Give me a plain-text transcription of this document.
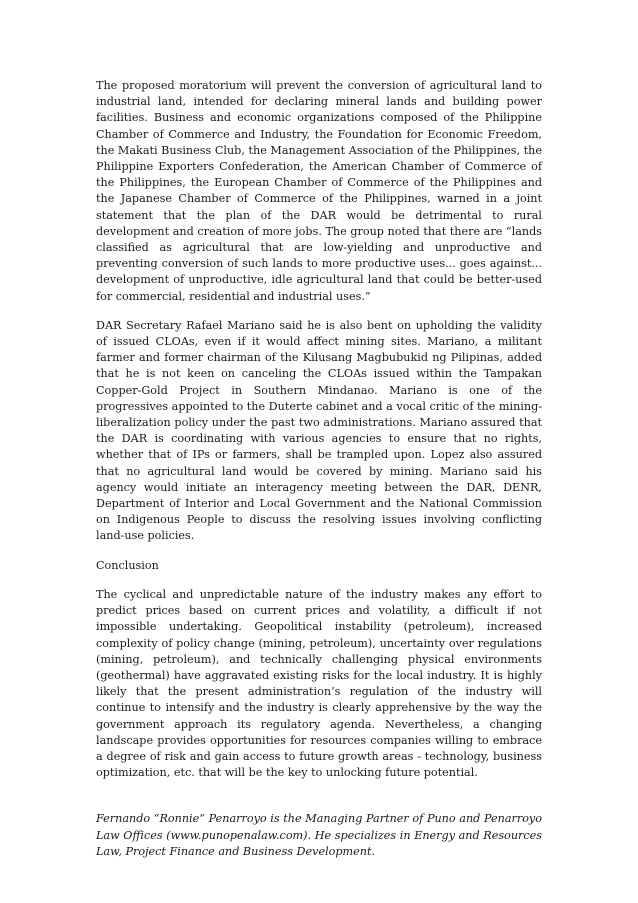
The proposed moratorium will prevent the conversion of agricultural land to industrial land, intended for declaring mineral lands and building power facilities. Business and economic organizations composed of the Philippine Chamber of Commerce and Industry, the Foundation for Economic Freedom, the Makati Business Club, the Management Association of the Philippines, the Philippine Exporters Confederation, the American Chamber of Commerce of the Philippines, the European Chamber of Commerce of the Philippines and the Japanese Chamber of Commerce of the Philippines, warned in a joint statement that the plan of the DAR would be detrimental to rural development and creation of more jobs. The group noted that there are “lands classified as agricultural that are low-yielding and unproductive and preventing conversion of such lands to more productive uses... goes against... development of unproductive, idle agricultural land that could be better-used for commercial, residential and industrial uses.”

DAR Secretary Rafael Mariano said he is also bent on upholding the validity of issued CLOAs, even if it would affect mining sites. Mariano, a militant farmer and former chairman of the Kilusang Magbubukid ng Pilipinas, added that he is not keen on canceling the CLOAs issued within the Tampakan Copper-Gold Project in Southern Mindanao. Mariano is one of the progressives appointed to the Duterte cabinet and a vocal critic of the mining-liberalization policy under the past two administrations. Mariano assured that the DAR is coordinating with various agencies to ensure that no rights, whether that of IPs or farmers, shall be trampled upon. Lopez also assured that no agricultural land would be covered by mining. Mariano said his agency would initiate an interagency meeting between the DAR, DENR, Department of Interior and Local Government and the National Commission on Indigenous People to discuss the resolving issues involving conflicting land-use policies.

Conclusion

The cyclical and unpredictable nature of the industry makes any effort to predict prices based on current prices and volatility, a difficult if not impossible undertaking. Geopolitical instability (petroleum), increased complexity of policy change (mining, petroleum), uncertainty over regulations (mining, petroleum), and technically challenging physical environments (geothermal) have aggravated existing risks for the local industry. It is highly likely that the present administration’s regulation of the industry will continue to intensify and the industry is clearly apprehensive by the way the government approach its regulatory agenda. Nevertheless, a changing landscape provides opportunities for resources companies willing to embrace a degree of risk and gain access to future growth areas - technology, business optimization, etc. that will be the key to unlocking future potential.

Fernando “Ronnie” Penarroyo is the Managing Partner of Puno and Penarroyo Law Offices (www.punopenalaw.com). He specializes in Energy and Resources Law, Project Finance and Business Development.
